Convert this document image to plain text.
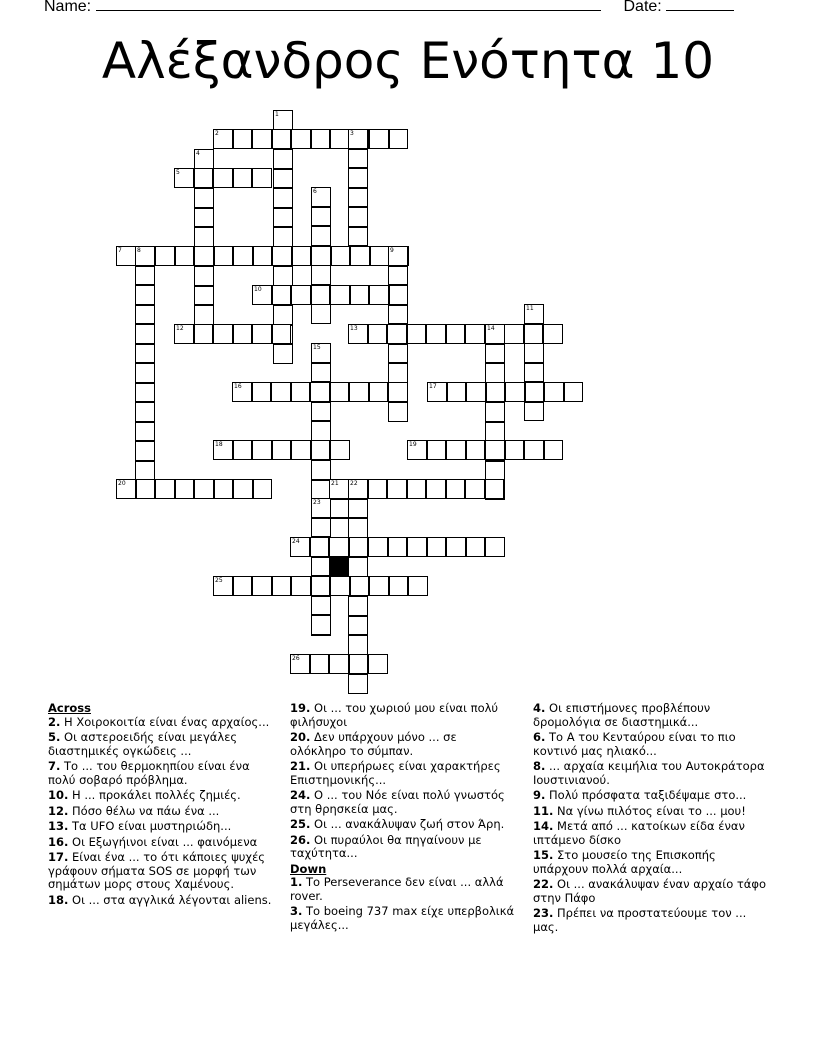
Name:	Date:
Αλέξανδρος Ενότητα 10
1
2	3
4
5
6
7	8	9
10
11
12	13	14
15
16	17
18	19
20	21 22
23
24
25
26
Across
2. Η Χοιροκοιτία είναι ένας αρχαίος...
5. Οι αστεροειδής είναι μεγάλες διαστημικές ογκώδεις ...
7. Το ... του θερμοκηπίου είναι ένα πολύ σοβαρό πρόβλημα.
10. Η ... προκάλει πολλές ζημιές.
12. Πόσο θέλω να πάω ένα ...
13. Τα UFO είναι μυστηριώδη...
16. Οι Εξωγήινοι είναι ... φαινόμενα
17. Είναι ένα ... το ότι κάποιες ψυχές γράφουν σήματα SOS σε μορφή των σημάτων μορς στους Χαμένους.
18. Οι ... στα αγγλικά λέγονται aliens.
19. Οι ... του χωριού μου είναι πολύ φιλήσυχοι
20. Δεν υπάρχουν μόνο ... σε ολόκληρο το σύμπαν.
21. Οι υπερήρωες είναι χαρακτήρες Επιστημονικής...
24. Ο ... του Νόε είναι πολύ γνωστός στη θρησκεία μας.
25. Οι ... ανακάλυψαν ζωή στον Άρη.
26. Οι πυραύλοι θα πηγαίνουν με ταχύτητα...
Down
1. Το Perseverance δεν είναι ... αλλά rover.
3. Το boeing 737 max είχε υπερβολικά μεγάλες...
4. Οι επιστήμονες προβλέπουν δρομολόγια σε διαστημικά...
6. Το Α του Κενταύρου είναι το πιο κοντινό μας ηλιακό...
8. ... αρχαία κειμήλια του Αυτοκράτορα Ιουστινιανού.
9. Πολύ πρόσφατα ταξιδέψαμε στο...
11. Να γίνω πιλότος είναι το ... μου!
14. Μετά από ... κατοίκων είδα έναν ιπτάμενο δίσκο
15. Στο μουσείο της Επισκοπής υπάρχουν πολλά αρχαία...
22. Οι ... ανακάλυψαν έναν αρχαίο τάφο στην Πάφο
23. Πρέπει να προστατεύουμε τον ... μας.
